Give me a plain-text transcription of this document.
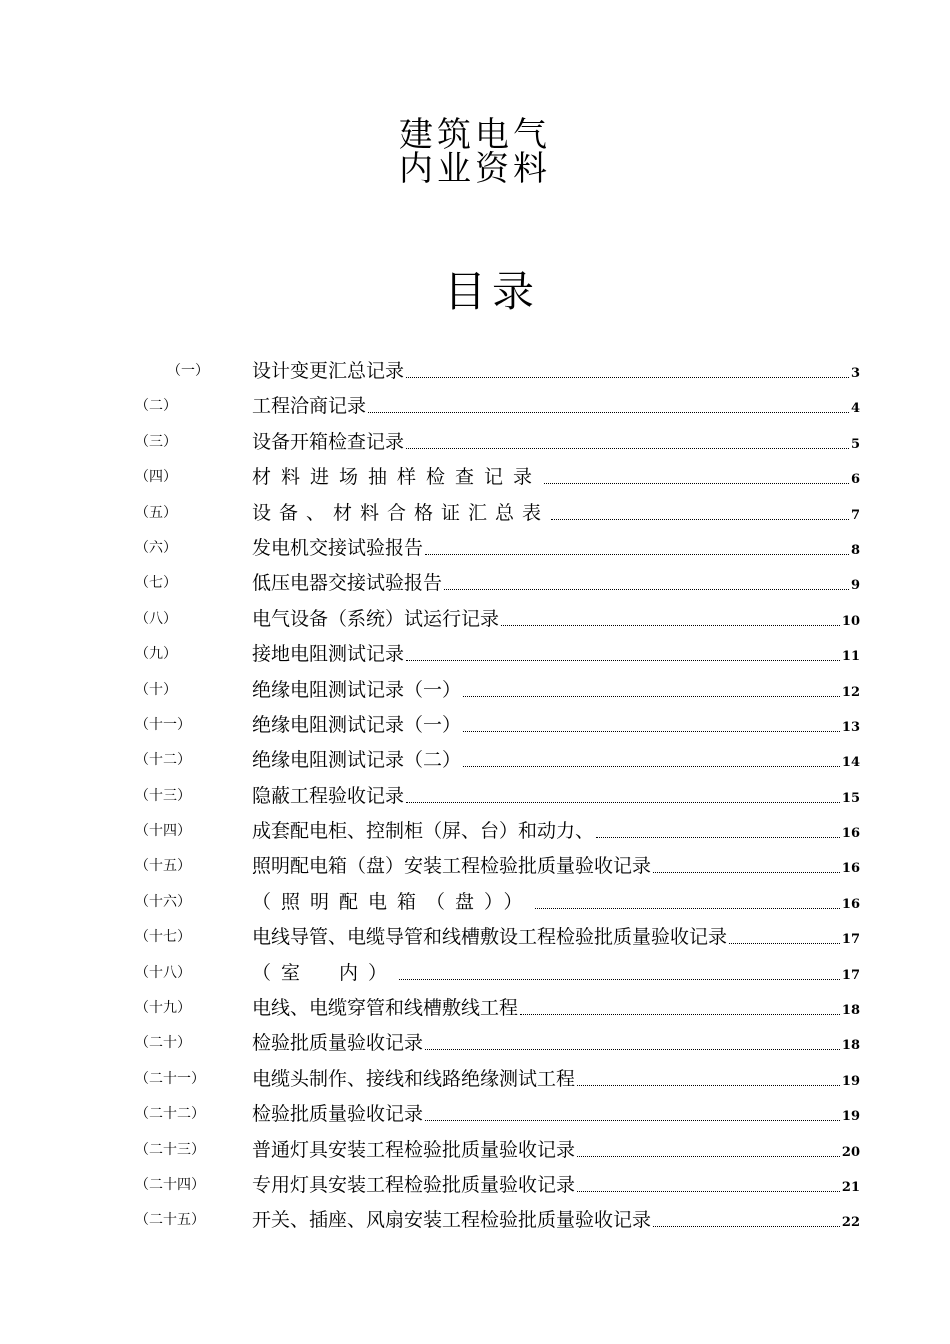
建筑电气
内业资料
目录
（一） 设计变更汇总记录	3
（二）	工程洽商记录	4
（三）	设备开箱检查记录	5
（四）	材料进场抽样检查记录	6
（五）	设备、材料合格证汇总表	7
（六）	发电机交接试验报告	8
（七）	低压电器交接试验报告	9
（八）	电气设备（系统）试运行记录	10
（九）	接地电阻测试记录	11
（十）	绝缘电阻测试记录（一）	12
（十一）	绝缘电阻测试记录（一）	13
（十二）	绝缘电阻测试记录（二）	14
（十三）	隐蔽工程验收记录	15
（十四）	成套配电柜、控制柜（屏、台）和动力、	16
（十五）	照明配电箱（盘）安装工程检验批质量验收记录	16
（十六）	（照明配电箱（盘））	16
（十七）	电线导管、电缆导管和线槽敷设工程检验批质量验收记录	17
（十八）	（室　内）	17
（十九）	电线、电缆穿管和线槽敷线工程	18
（二十）	检验批质量验收记录	18
（二十一） 电缆头制作、接线和线路绝缘测试工程	19
（二十二） 检验批质量验收记录	19
（二十三） 普通灯具安装工程检验批质量验收记录	20
（二十四） 专用灯具安装工程检验批质量验收记录	21
（二十五） 开关、插座、风扇安装工程检验批质量验收记录	22
